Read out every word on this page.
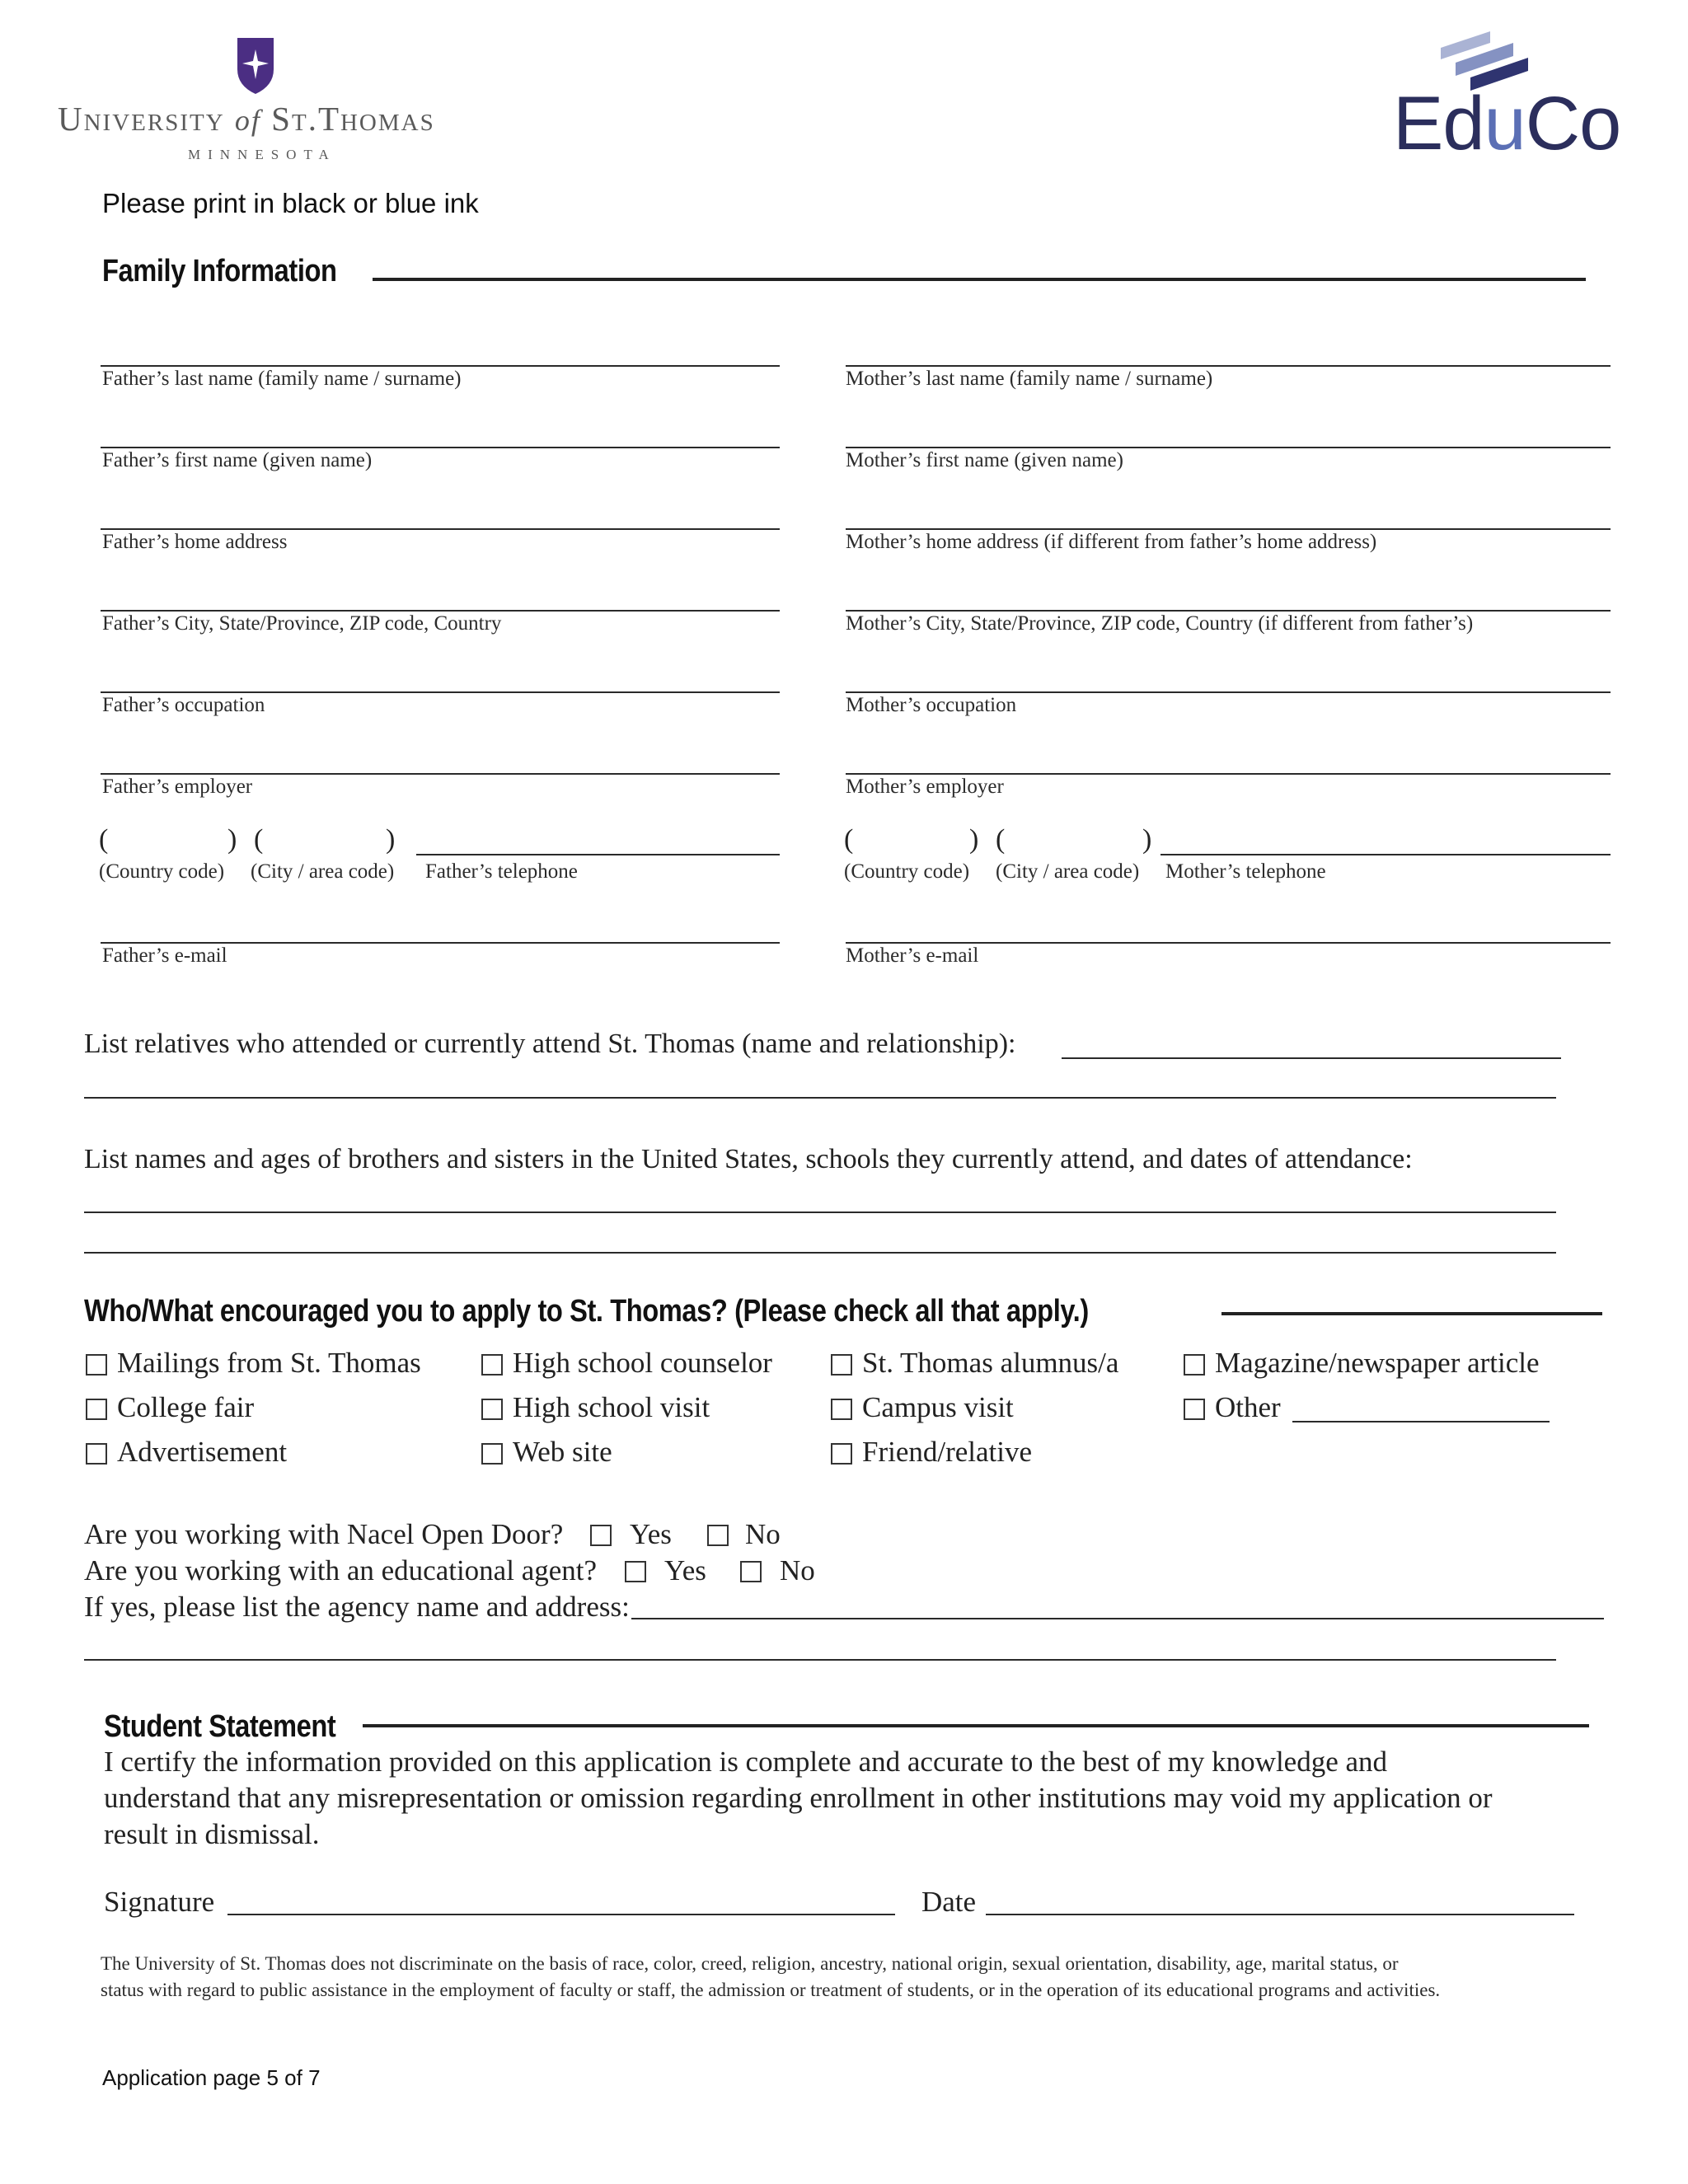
University of St.Thomas
MINNESOTA	EduCo
Please print in black or blue ink
Family Information
Father’s last name (family name / surname)
Father’s first name (given name)
Father’s home address
Father’s City, State/Province, ZIP code, Country
Father’s occupation
Father’s employer
(	) (	)
(Country code) (City / area code) Father’s telephone
Father’s e-mail
Mother’s last name (family name / surname)
Mother’s first name (given name)
Mother’s home address (if different from father’s home address)
Mother’s City, State/Province, ZIP code, Country (if different from father’s)
Mother’s occupation
Mother’s employer
(	) (	)
(Country code) (City / area code) Mother’s telephone
Mother’s e-mail
List relatives who attended or currently attend St. Thomas (name and relationship):
List names and ages of brothers and sisters in the United States, schools they currently attend, and dates of attendance:
Who/What encouraged you to apply to St. Thomas? (Please check all that apply.)
Mailings from St. Thomas
College fair
Advertisement
High school counselor
High school visit
Web site
St. Thomas alumnus/a
Campus visit
Friend/relative
Magazine/newspaper article
Other
Are you working with Nacel Open Door? Yes	No
Are you working with an educational agent? Yes	No
If yes, please list the agency name and address:
Student Statement
I certify the information provided on this application is complete and accurate to the best of my knowledge and
understand that any misrepresentation or omission regarding enrollment in other institutions may void my application or
result in dismissal.
Signature	Date
The University of St. Thomas does not discriminate on the basis of race, color, creed, religion, ancestry, national origin, sexual orientation, disability, age, marital status, or
status with regard to public assistance in the employment of faculty or staff, the admission or treatment of students, or in the operation of its educational programs and activities.
Application page 5 of 7
